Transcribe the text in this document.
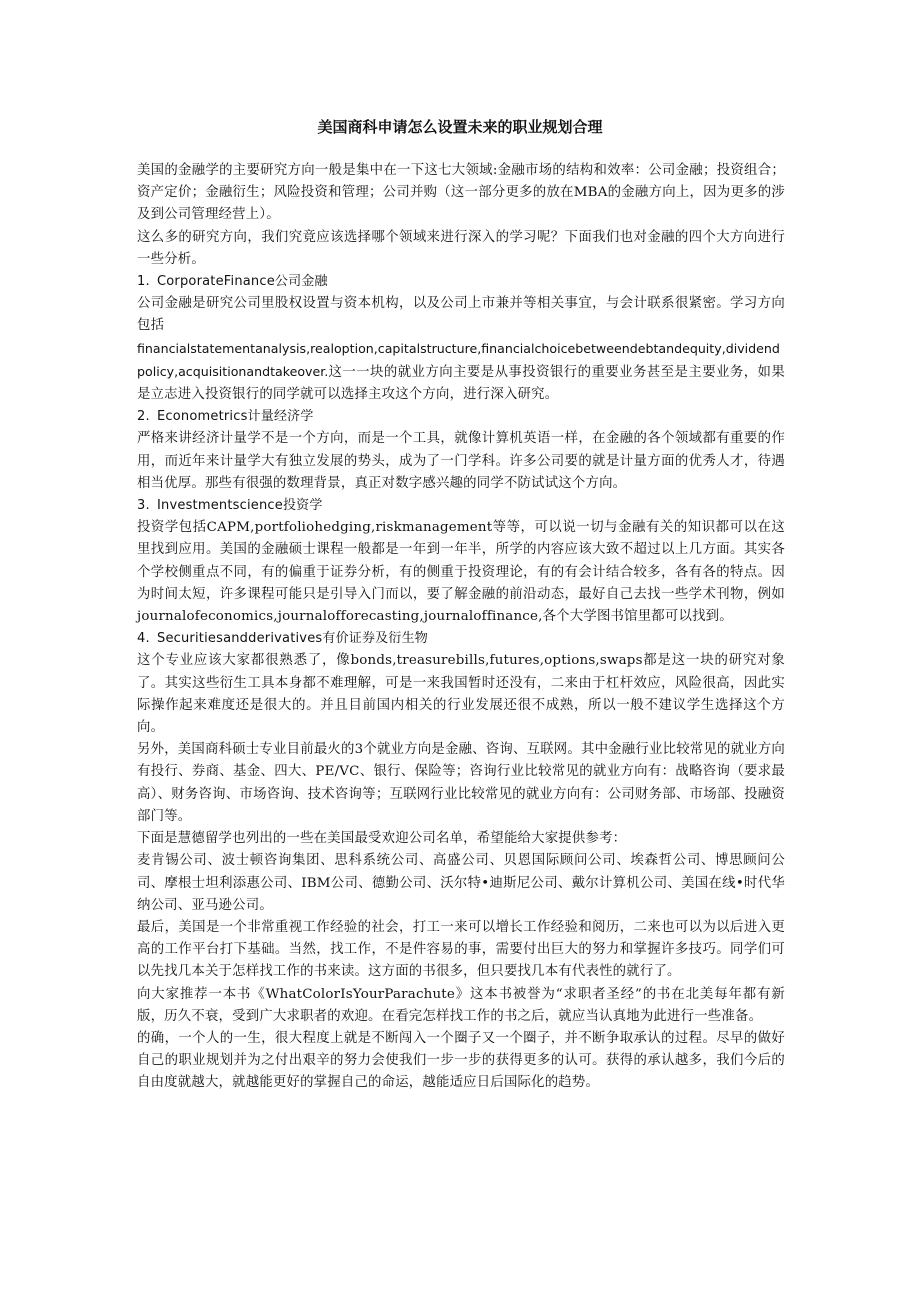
美国商科申请怎么设置未来的职业规划合理

美国的金融学的主要研究方向一般是集中在一下这七大领域:金融市场的结构和效率：公司金融；投资组合；资产定价；金融衍生；风险投资和管理；公司并购（这一部分更多的放在MBA的金融方向上，因为更多的涉及到公司管理经营上）。

这么多的研究方向，我们究竟应该选择哪个领域来进行深入的学习呢？下面我们也对金融的四个大方向进行一些分析。

1. CorporateFinance公司金融

公司金融是研究公司里股权设置与资本机构，以及公司上市兼并等相关事宜，与会计联系很紧密。学习方向包括

financialstatementanalysis,realoption,capitalstructure,financialchoicebetweendebtandequity,dividendpolicy,acquisitionandtakeover.这一一块的就业方向主要是从事投资银行的重要业务甚至是主要业务，如果是立志进入投资银行的同学就可以选择主攻这个方向，进行深入研究。

2. Econometrics计量经济学

严格来讲经济计量学不是一个方向，而是一个工具，就像计算机英语一样，在金融的各个领域都有重要的作用，而近年来计量学大有独立发展的势头，成为了一门学科。许多公司要的就是计量方面的优秀人才，待遇相当优厚。那些有很强的数理背景，真正对数字感兴趣的同学不防试试这个方向。

3. Investmentscience投资学

投资学包括CAPM,portfoliohedging,riskmanagement等等，可以说一切与金融有关的知识都可以在这里找到应用。美国的金融硕士课程一般都是一年到一年半，所学的内容应该大致不超过以上几方面。其实各个学校侧重点不同，有的偏重于证券分析，有的侧重于投资理论，有的有会计结合较多，各有各的特点。因为时间太短，许多课程可能只是引导入门而以，要了解金融的前沿动态，最好自己去找一些学术刊物，例如journalofeconomics,journalofforecasting,journaloffinance,各个大学图书馆里都可以找到。

4. Securitiesandderivatives有价证券及衍生物

这个专业应该大家都很熟悉了，像bonds,treasurebills,futures,options,swaps都是这一块的研究对象了。其实这些衍生工具本身都不难理解，可是一来我国暂时还没有，二来由于杠杆效应，风险很高，因此实际操作起来难度还是很大的。并且目前国内相关的行业发展还很不成熟，所以一般不建议学生选择这个方向。

另外，美国商科硕士专业目前最火的3个就业方向是金融、咨询、互联网。其中金融行业比较常见的就业方向有投行、券商、基金、四大、PE/VC、银行、保险等；咨询行业比较常见的就业方向有：战略咨询（要求最高）、财务咨询、市场咨询、技术咨询等；互联网行业比较常见的就业方向有：公司财务部、市场部、投融资部门等。

下面是慧德留学也列出的一些在美国最受欢迎公司名单，希望能给大家提供参考：

麦肯锡公司、波士顿咨询集团、思科系统公司、高盛公司、贝恩国际顾问公司、埃森哲公司、博思顾问公司、摩根士坦利添惠公司、IBM公司、德勤公司、沃尔特•迪斯尼公司、戴尔计算机公司、美国在线•时代华纳公司、亚马逊公司。

最后，美国是一个非常重视工作经验的社会，打工一来可以增长工作经验和阅历，二来也可以为以后进入更高的工作平台打下基础。当然，找工作，不是件容易的事，需要付出巨大的努力和掌握许多技巧。同学们可以先找几本关于怎样找工作的书来读。这方面的书很多，但只要找几本有代表性的就行了。

向大家推荐一本书《WhatColorIsYourParachute》这本书被誉为“求职者圣经”的书在北美每年都有新版，历久不衰，受到广大求职者的欢迎。在看完怎样找工作的书之后，就应当认真地为此进行一些准备。

的确，一个人的一生，很大程度上就是不断闯入一个圈子又一个圈子，并不断争取承认的过程。尽早的做好自己的职业规划并为之付出艰辛的努力会使我们一步一步的获得更多的认可。获得的承认越多，我们今后的自由度就越大，就越能更好的掌握自己的命运，越能适应日后国际化的趋势。
